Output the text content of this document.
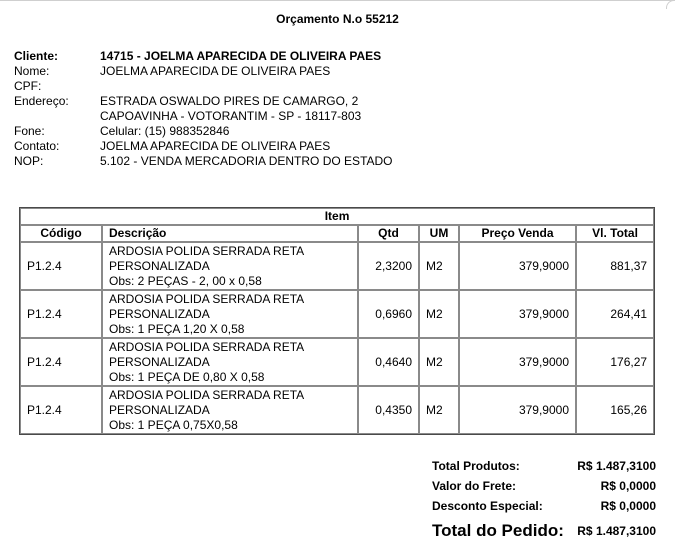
Orçamento N.o 55212
Cliente:	14715 - JOELMA APARECIDA DE OLIVEIRA PAES
Nome:	JOELMA APARECIDA DE OLIVEIRA PAES
CPF:
Endereço:	ESTRADA OSWALDO PIRES DE CAMARGO, 2
CAPOAVINHA - VOTORANTIM - SP - 18117-803
Fone:	Celular: (15) 988352846
Contato:	JOELMA APARECIDA DE OLIVEIRA PAES
NOP:	5.102 - VENDA MERCADORIA DENTRO DO ESTADO
Item					
Código	Descrição	Qtd	UM	Preço Venda	Vl. Total
P1.2.4	ARDOSIA POLIDA SERRADA RETA
PERSONALIZADA
Obs: 2 PEÇAS - 2, 00 x 0,58	2,3200	M2	379,9000	881,37
P1.2.4	ARDOSIA POLIDA SERRADA RETA
PERSONALIZADA
Obs: 1 PEÇA 1,20 X 0,58	0,6960	M2	379,9000	264,41
P1.2.4	ARDOSIA POLIDA SERRADA RETA
PERSONALIZADA
Obs: 1 PEÇA DE 0,80 X 0,58	0,4640	M2	379,9000	176,27
P1.2.4	ARDOSIA POLIDA SERRADA RETA
PERSONALIZADA
Obs: 1 PEÇA 0,75X0,58	0,4350	M2	379,9000	165,26
Total Produtos:	R$ 1.487,3100
Valor do Frete:	R$ 0,0000
Desconto Especial:	R$ 0,0000
Total do Pedido: R$ 1.487,3100
